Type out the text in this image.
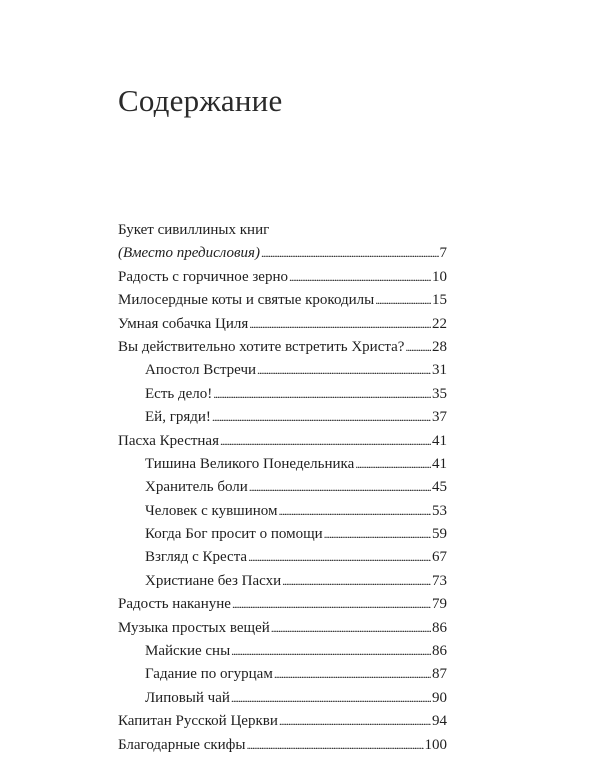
Содержание
Букет сивиллиных книг
(Вместо предисловия) . . .	7
Радость с горчичное зерно . . .	10
Милосердные коты и святые крокодилы . . .	15
Умная собачка Циля . . .	22
Вы действительно хотите встретить Христа? . . . 28
Апостол Встречи . . .	31
Есть дело! . . .	35
Ей, гряди! . . .	37
Пасха Крестная . . .	41
Тишина Великого Понедельника . . .	41
Хранитель боли . . .	45
Человек с кувшином . . .	53
Когда Бог просит о помощи . . .	59
Взгляд с Креста . . .	67
Христиане без Пасхи . . .	73
Радость накануне . . .	79
Музыка простых вещей . . .	86
Майские сны . . .	86
Гадание по огурцам . . .	87
Липовый чай . . .	90
Капитан Русской Церкви . . .	94
Благодарные скифы . . .	100
